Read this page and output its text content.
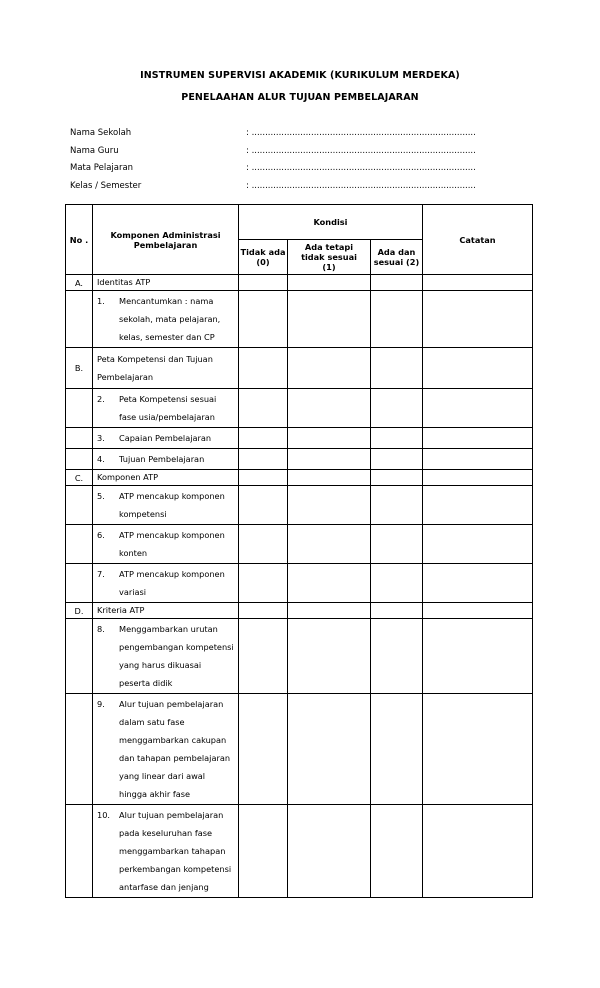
INSTRUMEN SUPERVISI AKADEMIK (KURIKULUM MERDEKA)
PENELAAHAN ALUR TUJUAN PEMBELAJARAN
Nama Sekolah	: ...................................................................................
Nama Guru	: ...................................................................................
Mata Pelajaran	: ...................................................................................
Kelas / Semester	: ...................................................................................
No .	Komponen Administrasi Pembelajaran	Kondisi			Catatan
		Tidak ada (0)	Ada tetapi tidak sesuai (1)	Ada dan sesuai (2)	
A.	Identitas ATP				

	1. Mencantumkan : nama sekolah, mata pelajaran, kelas, semester dan CP				

B.	Peta Kompetensi dan Tujuan Pembelajaran				

	2. Peta Kompetensi sesuai fase usia/pembelajaran				

	3. Capaian Pembelajaran				

	4. Tujuan Pembelajaran				

C.	Komponen ATP				

	5. ATP mencakup komponen kompetensi				

	6. ATP mencakup komponen konten				

	7. ATP mencakup komponen variasi				

D.	Kriteria ATP				

	8. Menggambarkan urutan pengembangan kompetensi yang harus dikuasai peserta didik				

	9. Alur tujuan pembelajaran dalam satu fase menggambarkan cakupan dan tahapan pembelajaran yang linear dari awal hingga akhir fase				

	10. Alur tujuan pembelajaran pada keseluruhan fase menggambarkan tahapan perkembangan kompetensi antarfase dan jenjang				
